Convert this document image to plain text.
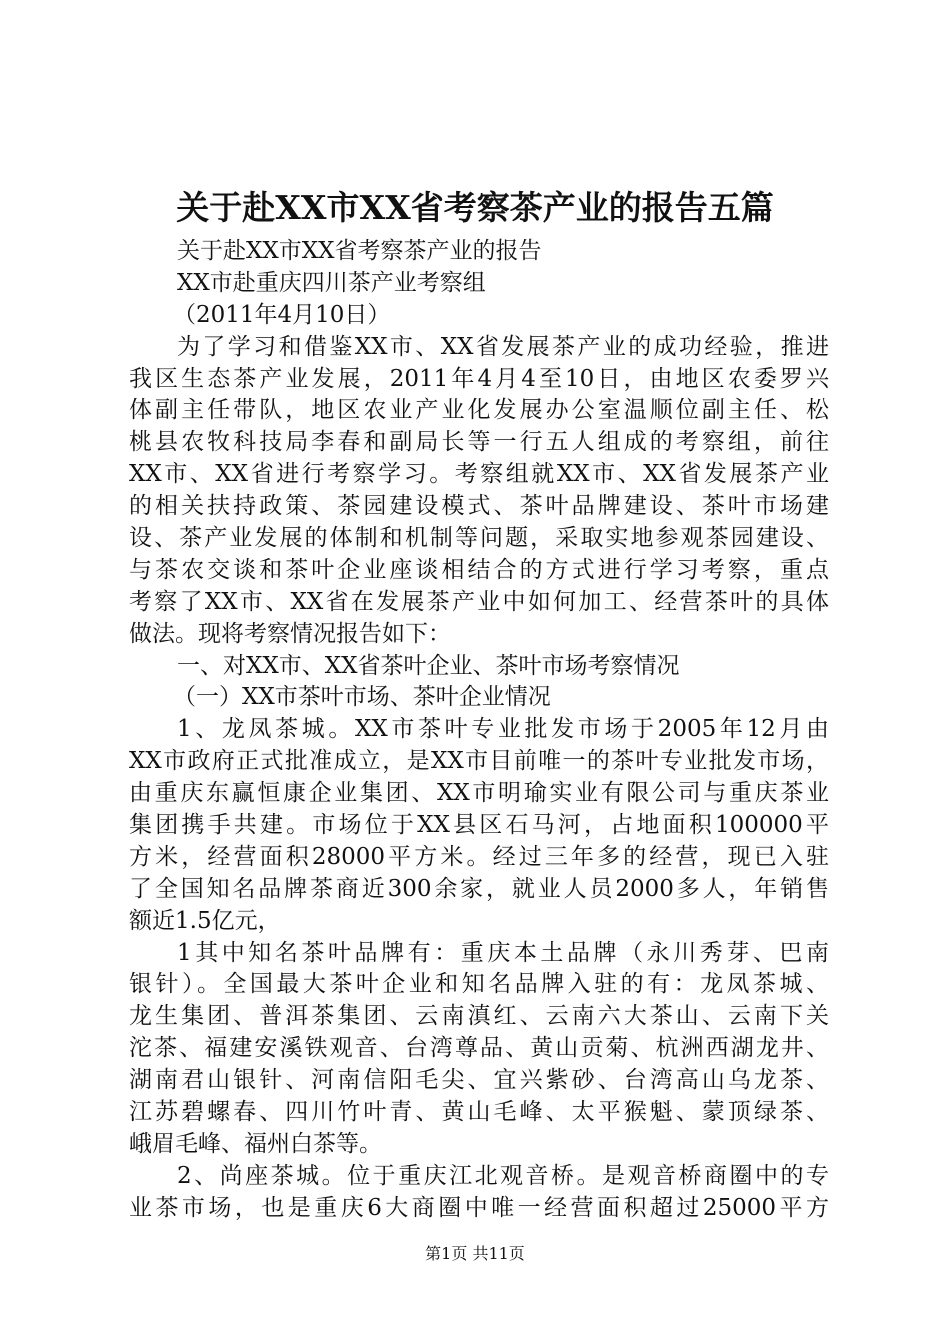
关于赴XX市XX省考察茶产业的报告五篇
关于赴XX市XX省考察茶产业的报告
XX市赴重庆四川茶产业考察组
（2011年4月10日）
为了学习和借鉴XX市、XX省发展茶产业的成功经验，推进
我区生态茶产业发展，2011年4月4至10日，由地区农委罗兴
体副主任带队，地区农业产业化发展办公室温顺位副主任、松
桃县农牧科技局李春和副局长等一行五人组成的考察组，前往
XX市、XX省进行考察学习。考察组就XX市、XX省发展茶产业
的相关扶持政策、茶园建设模式、茶叶品牌建设、茶叶市场建
设、茶产业发展的体制和机制等问题，采取实地参观茶园建设、
与茶农交谈和茶叶企业座谈相结合的方式进行学习考察，重点
考察了XX市、XX省在发展茶产业中如何加工、经营茶叶的具体
做法。现将考察情况报告如下：
一、对XX市、XX省茶叶企业、茶叶市场考察情况
（一）XX市茶叶市场、茶叶企业情况
1、龙凤茶城。XX市茶叶专业批发市场于2005年12月由
XX市政府正式批准成立，是XX市目前唯一的茶叶专业批发市场，
由重庆东赢恒康企业集团、XX市明瑜实业有限公司与重庆茶业
集团携手共建。市场位于XX县区石马河，占地面积100000平
方米，经营面积28000平方米。经过三年多的经营，现已入驻
了全国知名品牌茶商近300余家，就业人员2000多人，年销售
额近1.5亿元，
1其中知名茶叶品牌有：重庆本土品牌（永川秀芽、巴南
银针）。全国最大茶叶企业和知名品牌入驻的有：龙凤茶城、
龙生集团、普洱茶集团、云南滇红、云南六大茶山、云南下关
沱茶、福建安溪铁观音、台湾尊品、黄山贡菊、杭洲西湖龙井、
湖南君山银针、河南信阳毛尖、宜兴紫砂、台湾高山乌龙茶、
江苏碧螺春、四川竹叶青、黄山毛峰、太平猴魁、蒙顶绿茶、
峨眉毛峰、福州白茶等。
2、尚座茶城。位于重庆江北观音桥。是观音桥商圈中的专
业茶市场，也是重庆6大商圈中唯一经营面积超过25000平方
第1页 共11页
